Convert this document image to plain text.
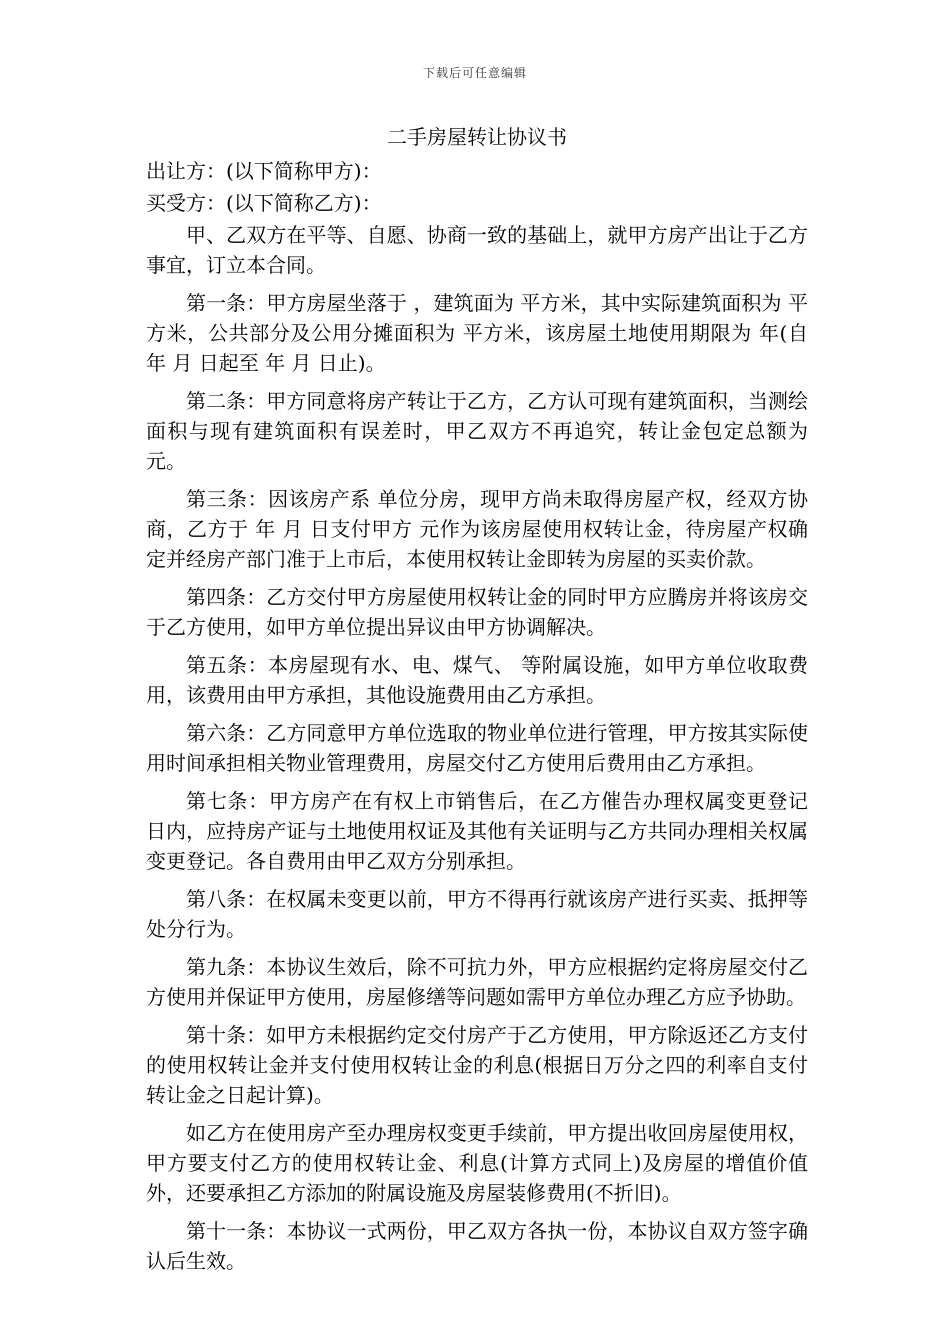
下载后可任意编辑
二手房屋转让协议书
出让方：(以下简称甲方)：
买受方：(以下简称乙方)：

甲、乙双方在平等、自愿、协商一致的基础上，就甲方房产出让于乙方事宜，订立本合同。

第一条：甲方房屋坐落于 ，建筑面为 平方米，其中实际建筑面积为 平方米，公共部分及公用分摊面积为 平方米，该房屋土地使用期限为 年(自 年 月 日起至 年 月 日止)。

第二条：甲方同意将房产转让于乙方，乙方认可现有建筑面积，当测绘面积与现有建筑面积有误差时，甲乙双方不再追究，转让金包定总额为 元。

第三条：因该房产系 单位分房，现甲方尚未取得房屋产权，经双方协商，乙方于 年 月 日支付甲方 元作为该房屋使用权转让金，待房屋产权确定并经房产部门准于上市后，本使用权转让金即转为房屋的买卖价款。

第四条：乙方交付甲方房屋使用权转让金的同时甲方应腾房并将该房交于乙方使用，如甲方单位提出异议由甲方协调解决。

第五条：本房屋现有水、电、煤气、 等附属设施，如甲方单位收取费用，该费用由甲方承担，其他设施费用由乙方承担。

第六条：乙方同意甲方单位选取的物业单位进行管理，甲方按其实际使用时间承担相关物业管理费用，房屋交付乙方使用后费用由乙方承担。

第七条：甲方房产在有权上市销售后，在乙方催告办理权属变更登记 日内，应持房产证与土地使用权证及其他有关证明与乙方共同办理相关权属变更登记。各自费用由甲乙双方分别承担。

第八条：在权属未变更以前，甲方不得再行就该房产进行买卖、抵押等处分行为。

第九条：本协议生效后，除不可抗力外，甲方应根据约定将房屋交付乙方使用并保证甲方使用，房屋修缮等问题如需甲方单位办理乙方应予协助。

第十条：如甲方未根据约定交付房产于乙方使用，甲方除返还乙方支付的使用权转让金并支付使用权转让金的利息(根据日万分之四的利率自支付转让金之日起计算)。

如乙方在使用房产至办理房权变更手续前，甲方提出收回房屋使用权，甲方要支付乙方的使用权转让金、利息(计算方式同上)及房屋的增值价值外，还要承担乙方添加的附属设施及房屋装修费用(不折旧)。

第十一条：本协议一式两份，甲乙双方各执一份，本协议自双方签字确认后生效。
